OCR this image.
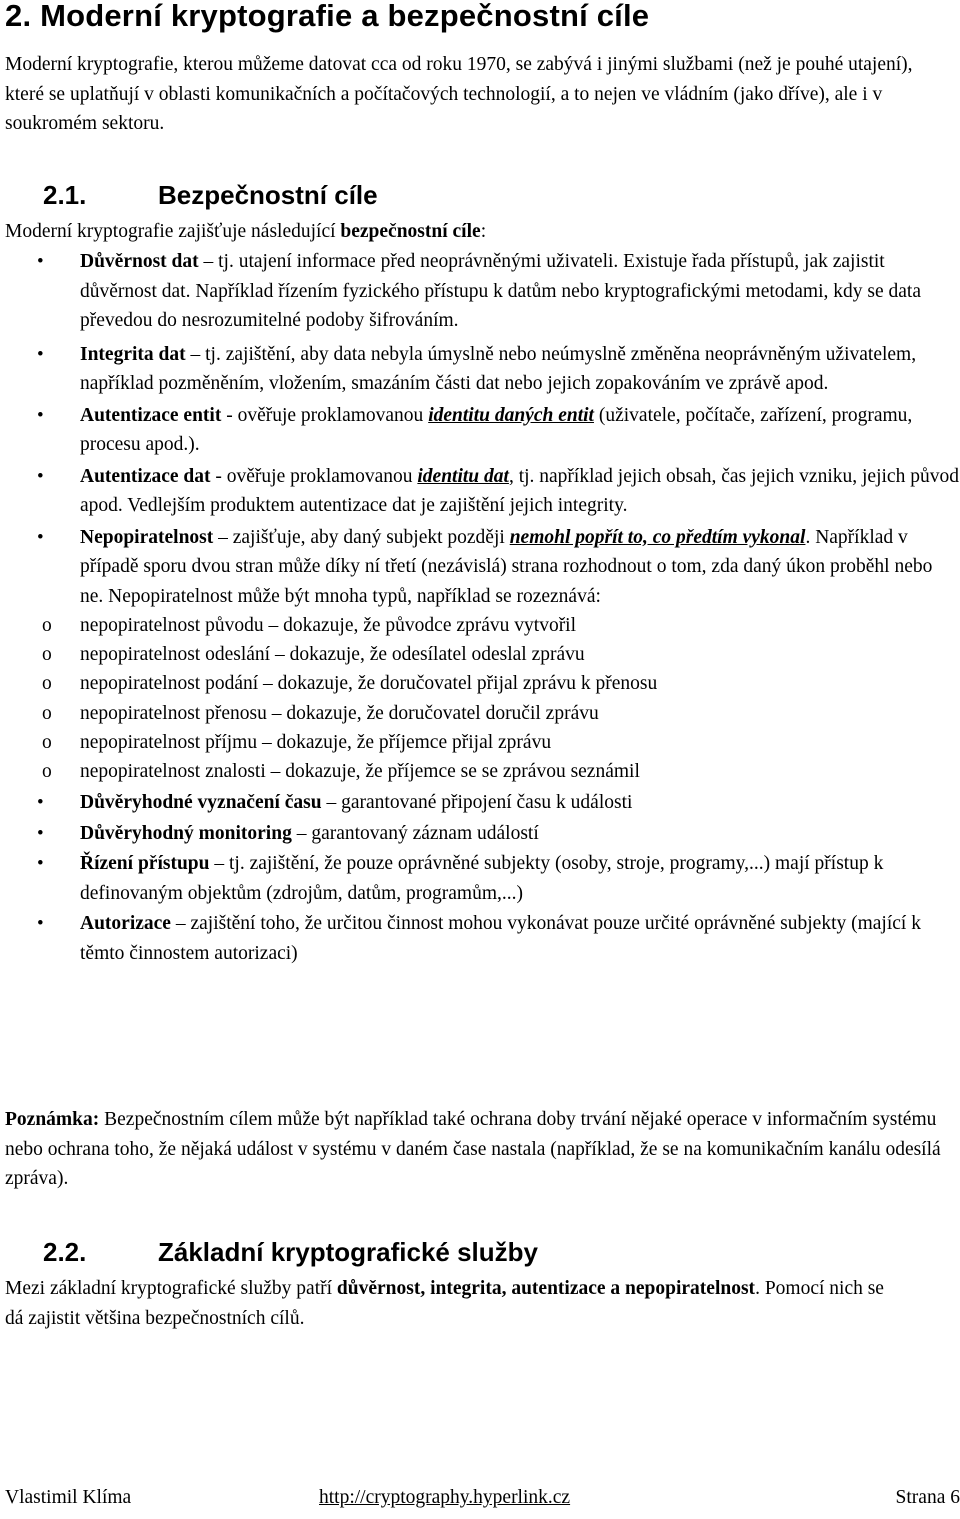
2. Moderní kryptografie a bezpečnostní cíle
Moderní kryptografie, kterou můžeme datovat cca od roku 1970, se zabývá i jinými službami (než je pouhé utajení), které se uplatňují v oblasti komunikačních a počítačových technologií, a to nejen ve vládním (jako dříve), ale i v soukromém sektoru.
2.1.	Bezpečnostní cíle
Moderní kryptografie zajišťuje následující bezpečnostní cíle:
• Důvěrnost dat – tj. utajení informace před neoprávněnými uživateli. Existuje řada přístupů, jak zajistit důvěrnost dat. Například řízením fyzického přístupu k datům nebo kryptografickými metodami, kdy se data převedou do nesrozumitelné podoby šifrováním.
• Integrita dat – tj. zajištění, aby data nebyla úmyslně nebo neúmyslně změněna neoprávněným uživatelem, například pozměněním, vložením, smazáním části dat nebo jejich zopakováním ve zprávě apod.
• Autentizace entit - ověřuje proklamovanou identitu daných entit (uživatele, počítače, zařízení, programu, procesu apod.).
• Autentizace dat - ověřuje proklamovanou identitu dat, tj. například jejich obsah, čas jejich vzniku, jejich původ apod. Vedlejším produktem autentizace dat je zajištění jejich integrity.
• Nepopiratelnost – zajišťuje, aby daný subjekt později nemohl popřít to, co předtím vykonal. Například v případě sporu dvou stran může díky ní třetí (nezávislá) strana rozhodnout o tom, zda daný úkon proběhl nebo ne. Nepopiratelnost může být mnoha typů, například se rozeznává:
o nepopiratelnost původu – dokazuje, že původce zprávu vytvořil
o nepopiratelnost odeslání – dokazuje, že odesílatel odeslal zprávu
o nepopiratelnost podání – dokazuje, že doručovatel přijal zprávu k přenosu
o nepopiratelnost přenosu – dokazuje, že doručovatel doručil zprávu
o nepopiratelnost příjmu – dokazuje, že příjemce přijal zprávu
o nepopiratelnost znalosti – dokazuje, že příjemce se se zprávou seznámil
• Důvěryhodné vyznačení času – garantované připojení času k události
• Důvěryhodný monitoring – garantovaný záznam událostí
• Řízení přístupu – tj. zajištění, že pouze oprávněné subjekty (osoby, stroje, programy,...) mají přístup k definovaným objektům (zdrojům, datům, programům,...)
• Autorizace – zajištění toho, že určitou činnost mohou vykonávat pouze určité oprávněné subjekty (mající k těmto činnostem autorizaci)
Poznámka: Bezpečnostním cílem může být například také ochrana doby trvání nějaké operace v informačním systému nebo ochrana toho, že nějaká událost v systému v daném čase nastala (například, že se na komunikačním kanálu odesílá zpráva).
2.2.	Základní kryptografické služby
Mezi základní kryptografické služby patří důvěrnost, integrita, autentizace a nepopiratelnost. Pomocí nich se dá zajistit většina bezpečnostních cílů.
Vlastimil Klíma	http://cryptography.hyperlink.cz	Strana 6
